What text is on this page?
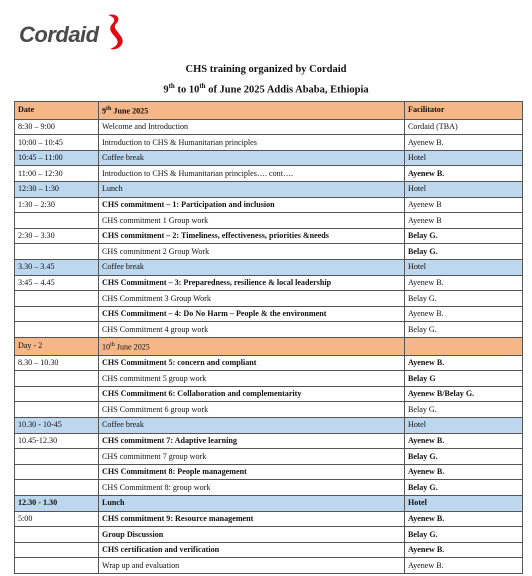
Cordaid
CHS training organized by Cordaid
9th to 10th of June 2025 Addis Ababa, Ethiopia
Date	9th June 2025	Facilitator
8:30 – 9:00	Welcome and Introduction	Cordaid (TBA)
10:00 – 10:45	Introduction to CHS & Humanitarian principles	Ayenew B.
10:45 – 11:00	Coffee break	Hotel
11:00 – 12:30	Introduction to CHS & Humanitarian principles…. cont….	Ayenew B.
12:30 – 1:30	Lunch	Hotel
1:30 – 2:30	CHS commitment – 1: Participation and inclusion	Ayenew B
	CHS commitment 1 Group work	Ayenew B
2:30 – 3.30	CHS commitment – 2: Timeliness, effectiveness, priorities &needs	Belay G.
	CHS commitment 2 Group Work	Belay G.
3.30 – 3.45	Coffee break	Hotel
3:45 – 4.45	CHS Commitment – 3: Preparedness, resilience & local leadership	Ayenew B.
	CHS Commitment 3 Group Work	Belay G.
	CHS Commitment – 4: Do No Harm – People & the environment	Ayenew B.
	CHS Commitment 4 group work	Belay G.
Day - 2	10th June 2025	
8.30 – 10.30	CHS Commitment 5: concern and compliant	Ayenew B.
	CHS commitment 5 group work	Belay G
	CHS Commitment 6: Collaboration and complementarity	Ayenew B/Belay G.
	CHS Commitment 6 group work	Belay G.
10.30 - 10-45	Coffee break	Hotel
10.45-12.30	CHS commitment 7: Adaptive learning	Ayenew B.
	CHS commitment 7 group work	Belay G.
	CHS Commitment 8: People management	Ayenew B.
	CHS Commitment 8: group work	Belay G.
12.30 - 1.30	Lunch	Hotel
5:00	CHS commitment 9: Resource management	Ayenew B.
	Group Discussion	Belay G.
	CHS certification and verification	Ayenew B.
	Wrap up and evaluation	Ayenew B.
